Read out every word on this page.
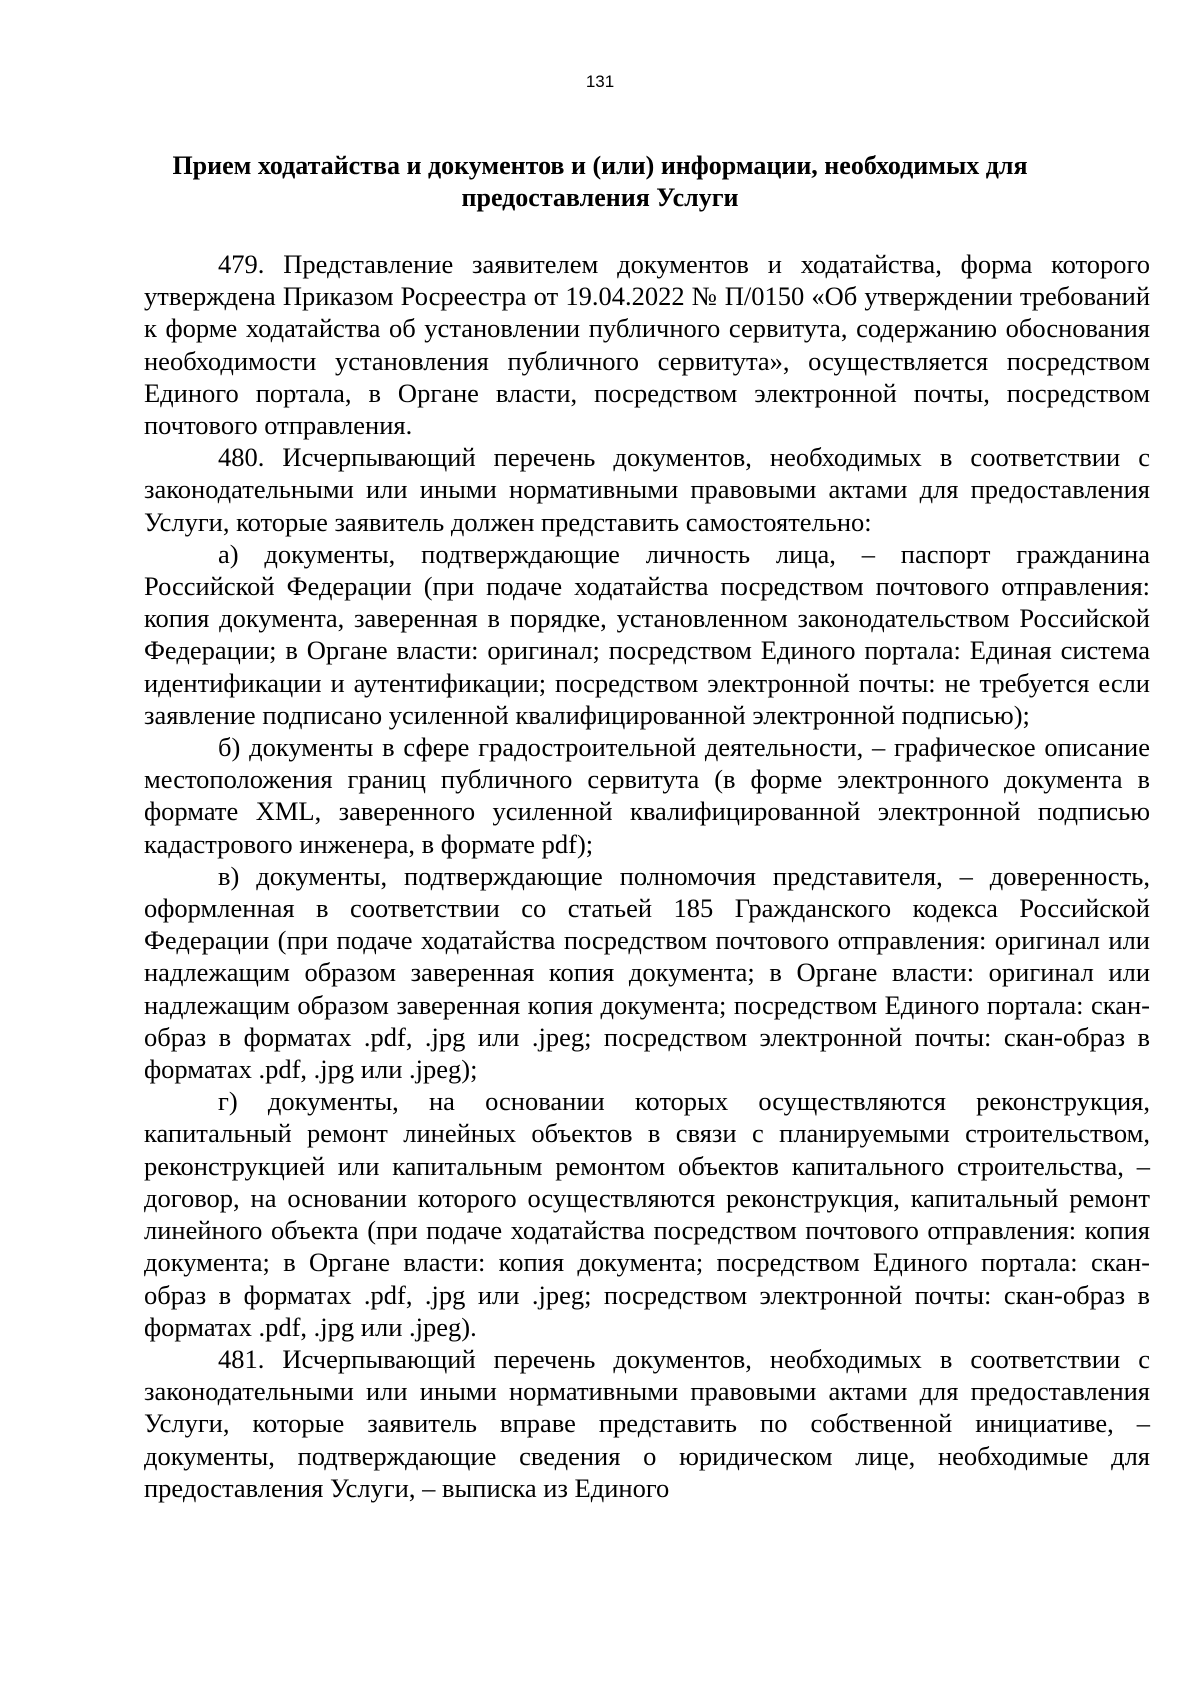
131
Прием ходатайства и документов и (или) информации, необходимых для предоставления Услуги

479. Представление заявителем документов и ходатайства, форма которого утверждена Приказом Росреестра от 19.04.2022 № П/0150 «Об утверждении требований к форме ходатайства об установлении публичного сервитута, содержанию обоснования необходимости установления публичного сервитута», осуществляется посредством Единого портала, в Органе власти, посредством электронной почты, посредством почтового отправления.

480. Исчерпывающий перечень документов, необходимых в соответствии с законодательными или иными нормативными правовыми актами для предоставления Услуги, которые заявитель должен представить самостоятельно:

а) документы, подтверждающие личность лица, – паспорт гражданина Российской Федерации (при подаче ходатайства посредством почтового отправления: копия документа, заверенная в порядке, установленном законодательством Российской Федерации; в Органе власти: оригинал; посредством Единого портала: Единая система идентификации и аутентификации; посредством электронной почты: не требуется если заявление подписано усиленной квалифицированной электронной подписью);

б) документы в сфере градостроительной деятельности, – графическое описание местоположения границ публичного сервитута (в форме электронного документа в формате XML, заверенного усиленной квалифицированной электронной подписью кадастрового инженера, в формате pdf);

в) документы, подтверждающие полномочия представителя, – доверенность, оформленная в соответствии со статьей 185 Гражданского кодекса Российской Федерации (при подаче ходатайства посредством почтового отправления: оригинал или надлежащим образом заверенная копия документа; в Органе власти: оригинал или надлежащим образом заверенная копия документа; посредством Единого портала: скан-образ в форматах .pdf, .jpg или .jpeg; посредством электронной почты: скан-образ в форматах .pdf, .jpg или .jpeg);

г) документы, на основании которых осуществляются реконструкция, капитальный ремонт линейных объектов в связи с планируемыми строительством, реконструкцией или капитальным ремонтом объектов капитального строительства, – договор, на основании которого осуществляются реконструкция, капитальный ремонт линейного объекта (при подаче ходатайства посредством почтового отправления: копия документа; в Органе власти: копия документа; посредством Единого портала: скан-образ в форматах .pdf, .jpg или .jpeg; посредством электронной почты: скан-образ в форматах .pdf, .jpg или .jpeg).

481. Исчерпывающий перечень документов, необходимых в соответствии с законодательными или иными нормативными правовыми актами для предоставления Услуги, которые заявитель вправе представить по собственной инициативе, – документы, подтверждающие сведения о юридическом лице, необходимые для предоставления Услуги, – выписка из Единого
